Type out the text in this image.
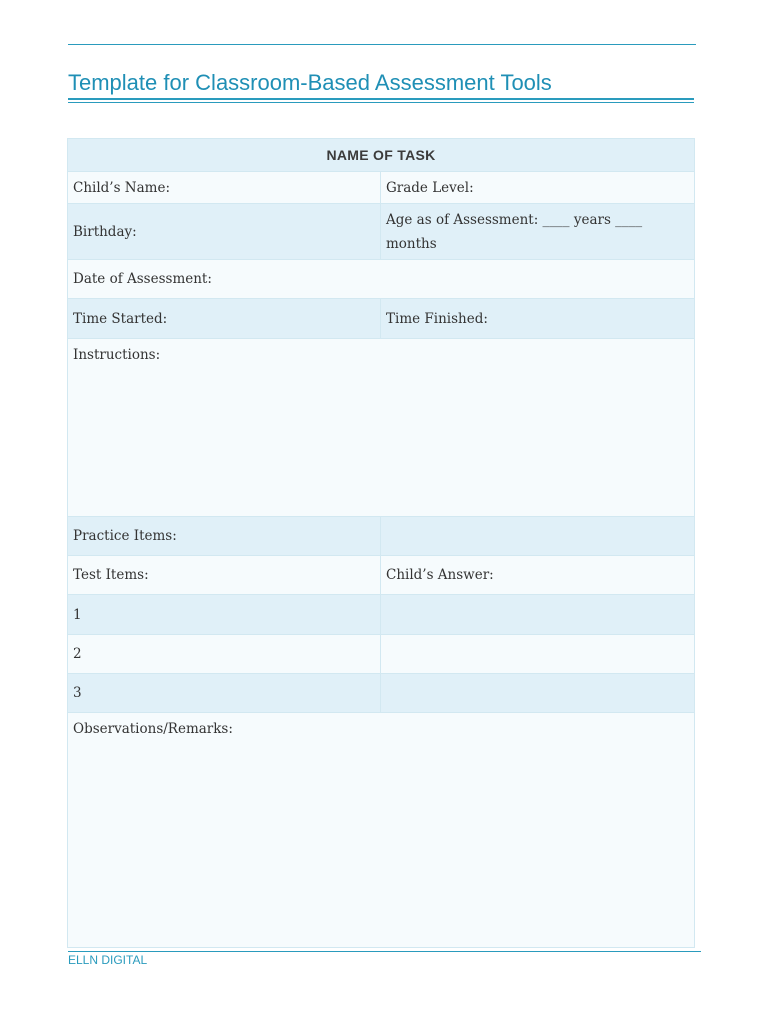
Template for Classroom-Based Assessment Tools
NAME OF TASK	
Child’s Name:	Grade Level:
Birthday:	Age as of Assessment: ____ years ____ months
Date of Assessment:	
Time Started:	Time Finished:
Instructions:	
Practice Items:	
Test Items:	Child’s Answer:
1	
2	
3	
Observations/Remarks:	
ELLN DIGITAL
